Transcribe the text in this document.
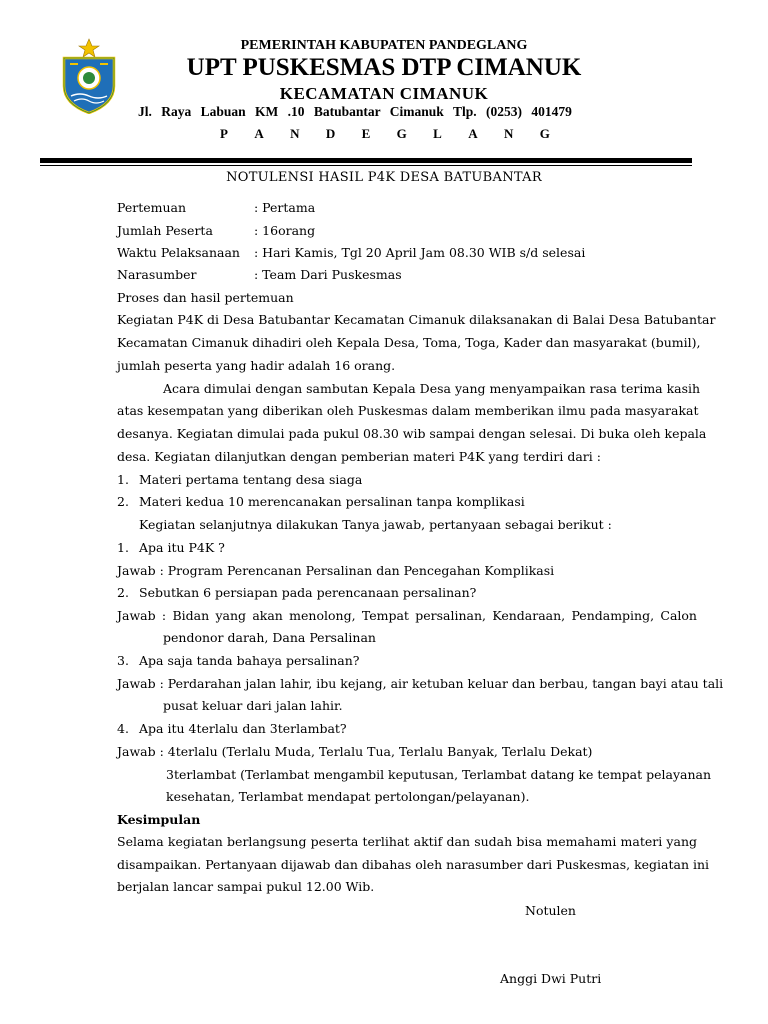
PEMERINTAH KABUPATEN PANDEGLANG
UPT PUSKESMAS DTP CIMANUK
KECAMATAN CIMANUK
Jl. Raya Labuan KM .10 Batubantar Cimanuk Tlp. (0253) 401479
P A N D E G L A N G
NOTULENSI HASIL P4K DESA BATUBANTAR
Pertemuan	: Pertama
Jumlah Peserta	: 16orang
Waktu Pelaksanaan : Hari Kamis, Tgl 20 April Jam 08.30 WIB s/d selesai
Narasumber	: Team Dari Puskesmas
Proses dan hasil pertemuan
Kegiatan P4K di Desa Batubantar Kecamatan Cimanuk dilaksanakan di Balai Desa Batubantar
Kecamatan Cimanuk dihadiri oleh Kepala Desa, Toma, Toga, Kader dan masyarakat (bumil),
jumlah peserta yang hadir adalah 16 orang.
Acara dimulai dengan sambutan Kepala Desa yang menyampaikan rasa terima kasih
atas kesempatan yang diberikan oleh Puskesmas dalam memberikan ilmu pada masyarakat
desanya. Kegiatan dimulai pada pukul 08.30 wib sampai dengan selesai. Di buka oleh kepala
desa. Kegiatan dilanjutkan dengan pemberian materi P4K yang terdiri dari :
1. Materi pertama tentang desa siaga
2. Materi kedua 10 merencanakan persalinan tanpa komplikasi
Kegiatan selanjutnya dilakukan Tanya jawab, pertanyaan sebagai berikut :
1. Apa itu P4K ?
Jawab : Program Perencanan Persalinan dan Pencegahan Komplikasi
2. Sebutkan 6 persiapan pada perencanaan persalinan?
Jawab : Bidan yang akan menolong, Tempat persalinan, Kendaraan, Pendamping, Calon
pendonor darah, Dana Persalinan
3. Apa saja tanda bahaya persalinan?
Jawab : Perdarahan jalan lahir, ibu kejang, air ketuban keluar dan berbau, tangan bayi atau tali
pusat keluar dari jalan lahir.
4. Apa itu 4terlalu dan 3terlambat?
Jawab : 4terlalu (Terlalu Muda, Terlalu Tua, Terlalu Banyak, Terlalu Dekat)
3terlambat (Terlambat mengambil keputusan, Terlambat datang ke tempat pelayanan
kesehatan, Terlambat mendapat pertolongan/pelayanan).
Kesimpulan
Selama kegiatan berlangsung peserta terlihat aktif dan sudah bisa memahami materi yang
disampaikan. Pertanyaan dijawab dan dibahas oleh narasumber dari Puskesmas, kegiatan ini
berjalan lancar sampai pukul 12.00 Wib.
Notulen
Anggi Dwi Putri
